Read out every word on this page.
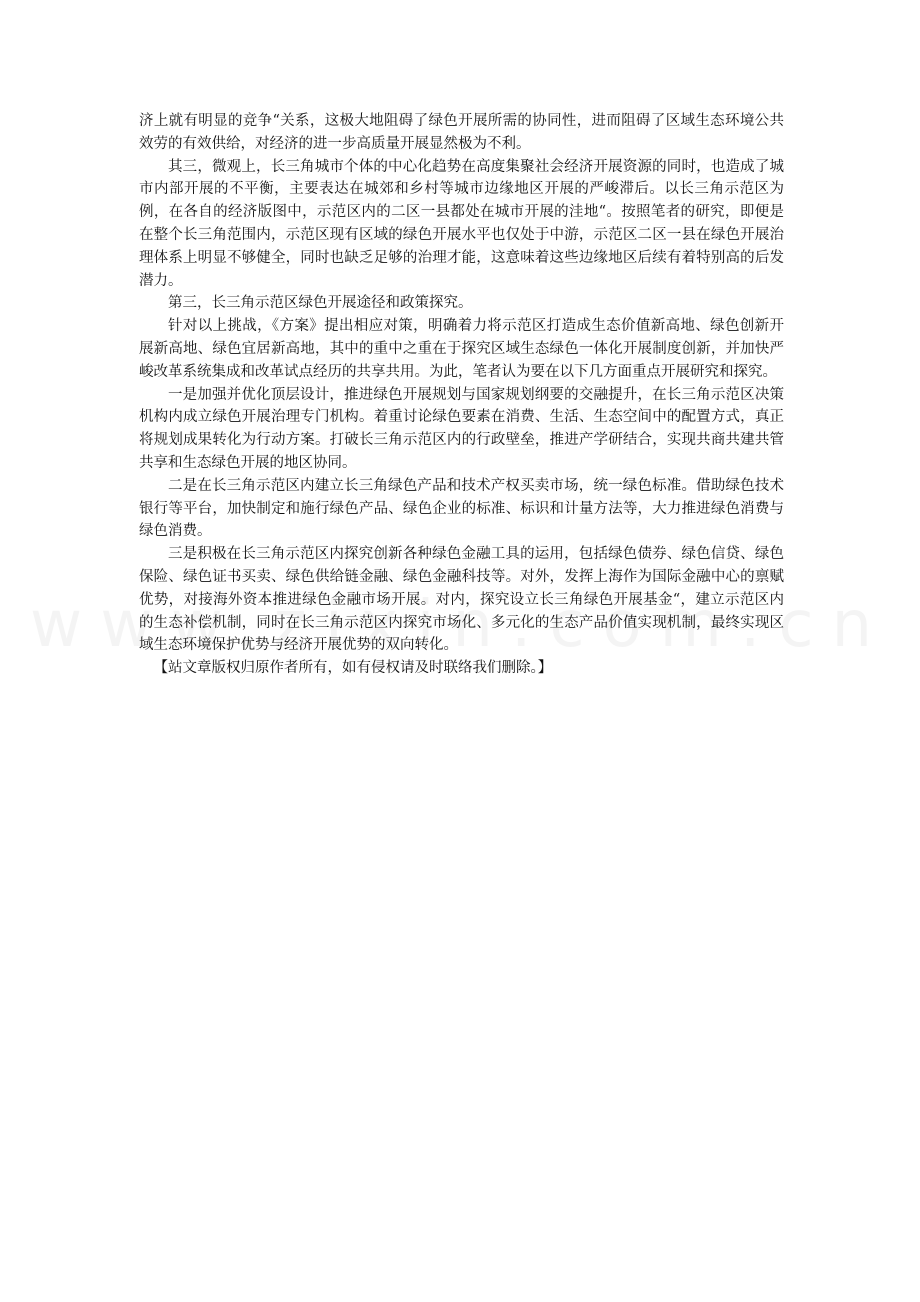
济上就有明显的竞争“关系，这极大地阻碍了绿色开展所需的协同性，进而阻碍了区域生态环境公共效劳的有效供给，对经济的进一步高质量开展显然极为不利。

其三，微观上，长三角城市个体的中心化趋势在高度集聚社会经济开展资源的同时，也造成了城市内部开展的不平衡，主要表达在城郊和乡村等城市边缘地区开展的严峻滞后。以长三角示范区为例，在各自的经济版图中，示范区内的二区一县都处在城市开展的洼地“。按照笔者的研究，即便是在整个长三角范围内，示范区现有区域的绿色开展水平也仅处于中游，示范区二区一县在绿色开展治理体系上明显不够健全，同时也缺乏足够的治理才能，这意味着这些边缘地区后续有着特别高的后发潜力。

第三，长三角示范区绿色开展途径和政策探究。

针对以上挑战，《方案》提出相应对策，明确着力将示范区打造成生态价值新高地、绿色创新开展新高地、绿色宜居新高地，其中的重中之重在于探究区域生态绿色一体化开展制度创新，并加快严峻改革系统集成和改革试点经历的共享共用。为此，笔者认为要在以下几方面重点开展研究和探究。

一是加强并优化顶层设计，推进绿色开展规划与国家规划纲要的交融提升，在长三角示范区决策机构内成立绿色开展治理专门机构。着重讨论绿色要素在消费、生活、生态空间中的配置方式，真正将规划成果转化为行动方案。打破长三角示范区内的行政壁垒，推进产学研结合，实现共商共建共管共享和生态绿色开展的地区协同。

二是在长三角示范区内建立长三角绿色产品和技术产权买卖市场，统一绿色标准。借助绿色技术银行等平台，加快制定和施行绿色产品、绿色企业的标准、标识和计量方法等，大力推进绿色消费与绿色消费。

三是积极在长三角示范区内探究创新各种绿色金融工具的运用，包括绿色债券、绿色信贷、绿色保险、绿色证书买卖、绿色供给链金融、绿色金融科技等。对外，发挥上海作为国际金融中心的禀赋优势，对接海外资本推进绿色金融市场开展。对内，探究设立长三角绿色开展基金“，建立示范区内的生态补偿机制，同时在长三角示范区内探究市场化、多元化的生态产品价值实现机制，最终实现区域生态环境保护优势与经济开展优势的双向转化。

【站文章版权归原作者所有，如有侵权请及时联络我们删除。】
